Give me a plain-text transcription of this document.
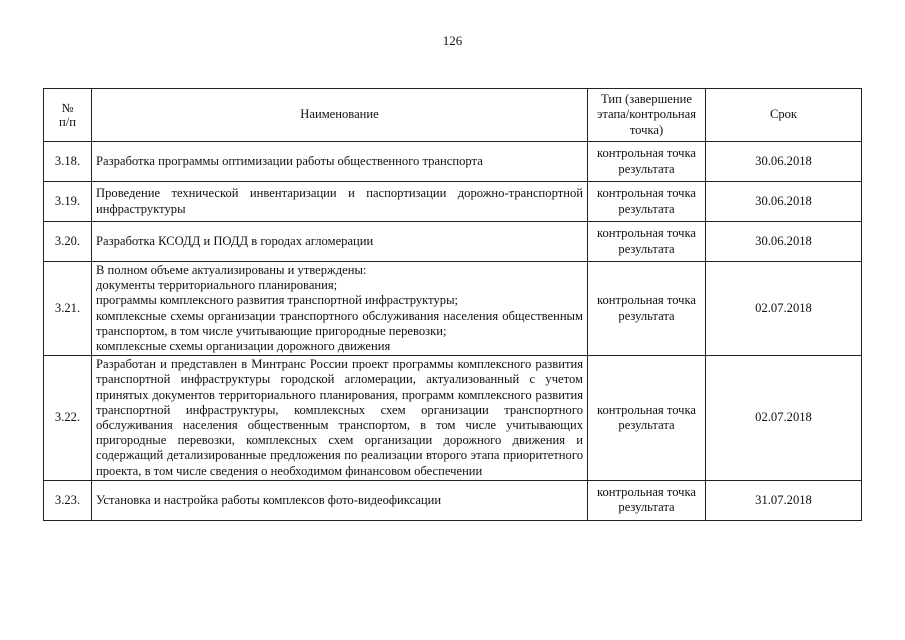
126
№
п/п	Наименование	Тип (завершение этапа/контрольная точка)	Срок
3.18.	Разработка программы оптимизации работы общественного транспорта	контрольная точка результата	30.06.2018
3.19.	Проведение технической инвентаризации и паспортизации дорожно-транспортной инфраструктуры	контрольная точка результата	30.06.2018
3.20.	Разработка КСОДД и ПОДД в городах агломерации	контрольная точка результата	30.06.2018
3.21.	В полном объеме актуализированы и утверждены:
документы территориального планирования;
программы комплексного развития транспортной инфраструктуры;
комплексные схемы организации транспортного обслуживания населения общественным транспортом, в том числе учитывающие пригородные перевозки;
комплексные схемы организации дорожного движения	контрольная точка результата	02.07.2018
3.22.	Разработан и представлен в Минтранс России проект программы комплексного развития транспортной инфраструктуры городской агломерации, актуализованный с учетом принятых документов территориального планирования, программ комплексного развития транспортной инфраструктуры, комплексных схем организации транспортного обслуживания населения общественным транспортом, в том числе учитывающих пригородные перевозки, комплексных схем организации дорожного движения и содержащий детализированные предложения по реализации второго этапа приоритетного проекта, в том числе сведения о необходимом финансовом обеспечении	контрольная точка результата	02.07.2018
3.23.	Установка и настройка работы комплексов фото-видеофиксации	контрольная точка результата	31.07.2018
